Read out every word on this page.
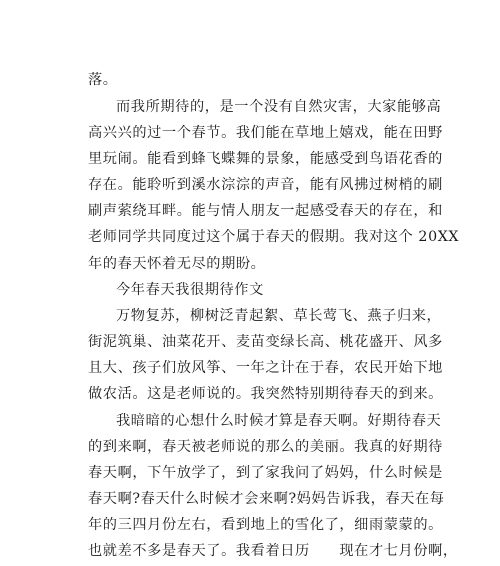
落。
而我所期待的，是一个没有自然灾害，大家能够高
高兴兴的过一个春节。我们能在草地上嬉戏，能在田野
里玩闹。能看到蜂飞蝶舞的景象，能感受到鸟语花香的
存在。能聆听到溪水淙淙的声音，能有风拂过树梢的刷
刷声萦绕耳畔。能与情人朋友一起感受春天的存在，和
老师同学共同度过这个属于春天的假期。我对这个 20XX
年的春天怀着无尽的期盼。
今年春天我很期待作文
万物复苏，柳树泛青起絮、草长莺飞、燕子归来，
街泥筑巢、油菜花开、麦苗变绿长高、桃花盛开、风多
且大、孩子们放风筝、一年之计在于春，农民开始下地
做农活。这是老师说的。我突然特别期待春天的到来。
我暗暗的心想什么时候才算是春天啊。好期待春天
的到来啊，春天被老师说的那么的美丽。我真的好期待
春天啊，下午放学了，到了家我问了妈妈，什么时候是
春天啊?春天什么时候才会来啊?妈妈告诉我，春天在每
年的三四月份左右，看到地上的雪化了，细雨蒙蒙的。
也就差不多是春天了。我看着日历　　现在才七月份啊，
